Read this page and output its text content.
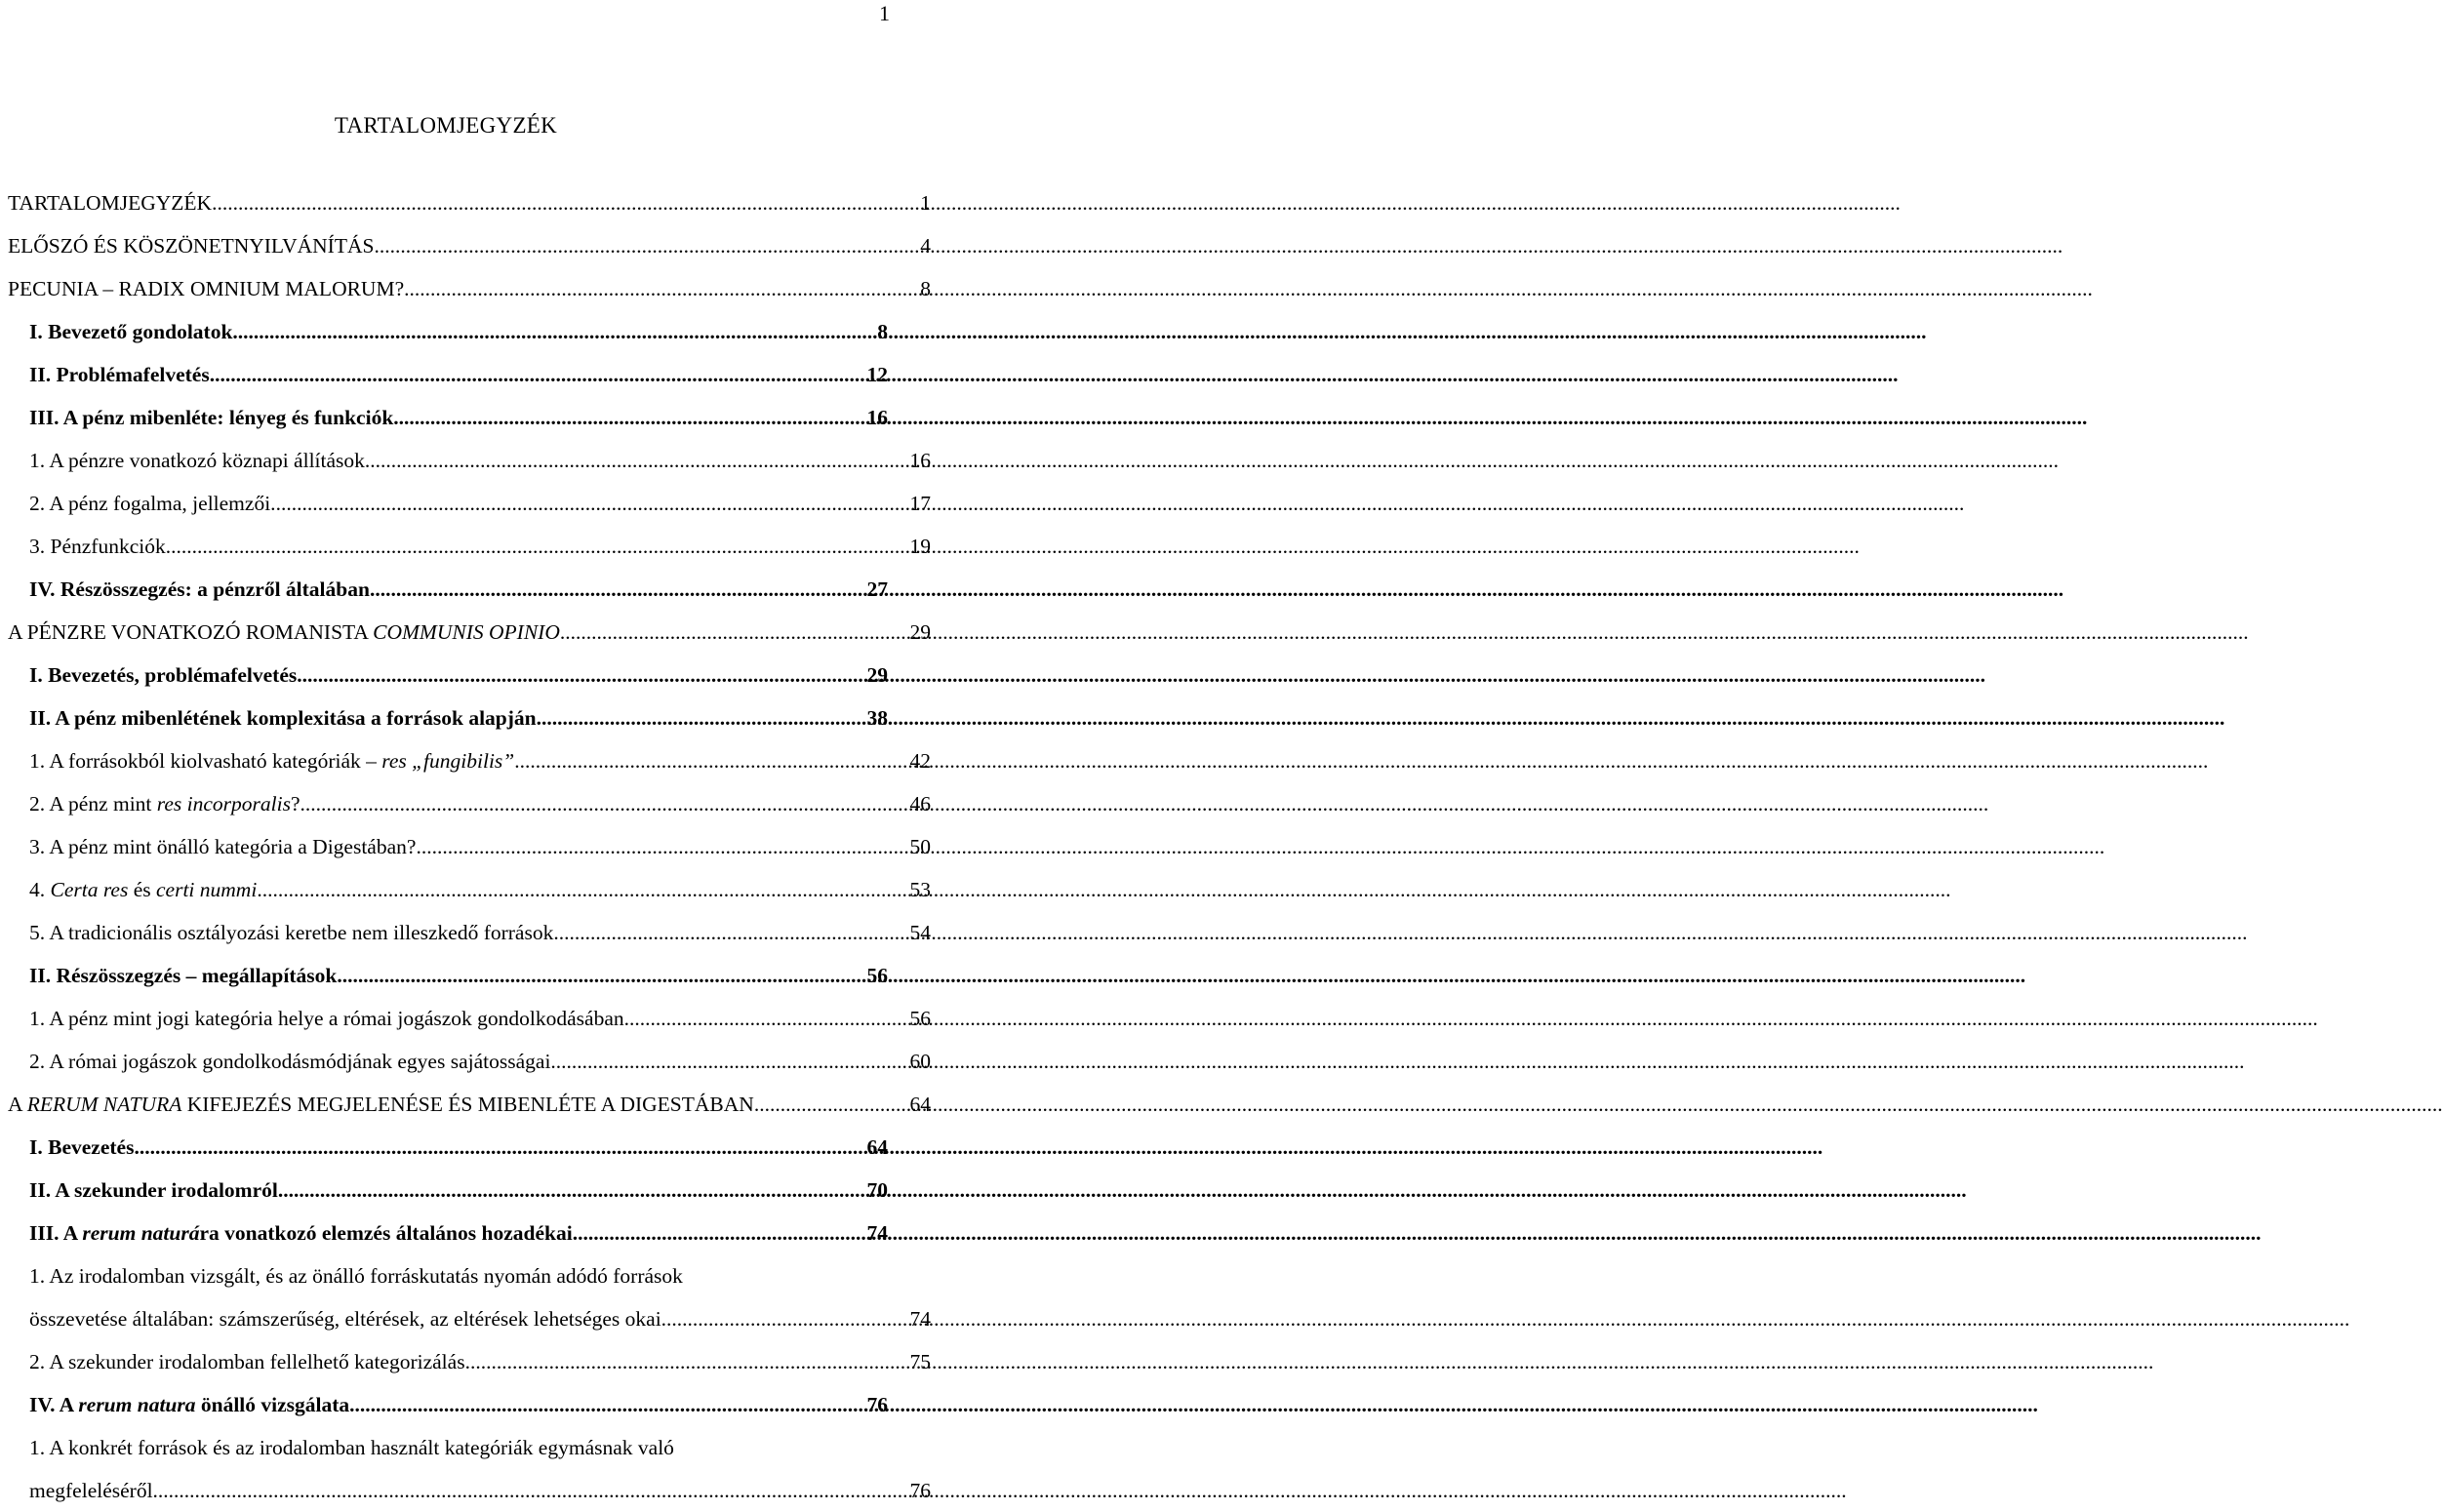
1
TARTALOMJEGYZÉK
TARTALOMJEGYZÉK .....	1
ELŐSZÓ ÉS KÖSZÖNETNYILVÁNÍTÁS .....	4
PECUNIA – RADIX OMNIUM MALORUM? .....	8
I. Bevezető gondolatok. .....	8
II. Problémafelvetés .....	12
III. A pénz mibenléte: lényeg és funkciók. .....	16
1. A pénzre vonatkozó köznapi állítások. .....	16
2. A pénz fogalma, jellemzői. .....	17
3. Pénzfunkciók. .....	19
IV. Részösszegzés: a pénzről általában. .....	27
A PÉNZRE VONATKOZÓ ROMANISTA COMMUNIS OPINIO .....	29
I. Bevezetés, problémafelvetés .....	29
II. A pénz mibenlétének komplexitása a források alapján .....	38
1. A forrásokból kiolvasható kategóriák – res „fungibilis”. .....	42
2. A pénz mint res incorporalis? .....	46
3. A pénz mint önálló kategória a Digestában? .....	50
4. Certa res és certi nummi. .....	53
5. A tradicionális osztályozási keretbe nem illeszkedő források. .....	54
II. Részösszegzés – megállapítások .....	56
1. A pénz mint jogi kategória helye a római jogászok gondolkodásában. .....	56
2. A római jogászok gondolkodásmódjának egyes sajátosságai. .....	60
A RERUM NATURA KIFEJEZÉS MEGJELENÉSE ÉS MIBENLÉTE A DIGESTÁBAN .....	64
I. Bevezetés .....	64
II. A szekunder irodalomról .....	70
III. A rerum naturára vonatkozó elemzés általános hozadékai .....	74
1. Az irodalomban vizsgált, és az önálló forráskutatás nyomán adódó források
összevetése általában: számszerűség, eltérések, az eltérések lehetséges okai .....	74
2. A szekunder irodalomban fellelhető kategorizálás .....	75
IV. A rerum natura önálló vizsgálata .....	76
1. A konkrét források és az irodalomban használt kategóriák egymásnak való
megfeleléséről. .....	76
